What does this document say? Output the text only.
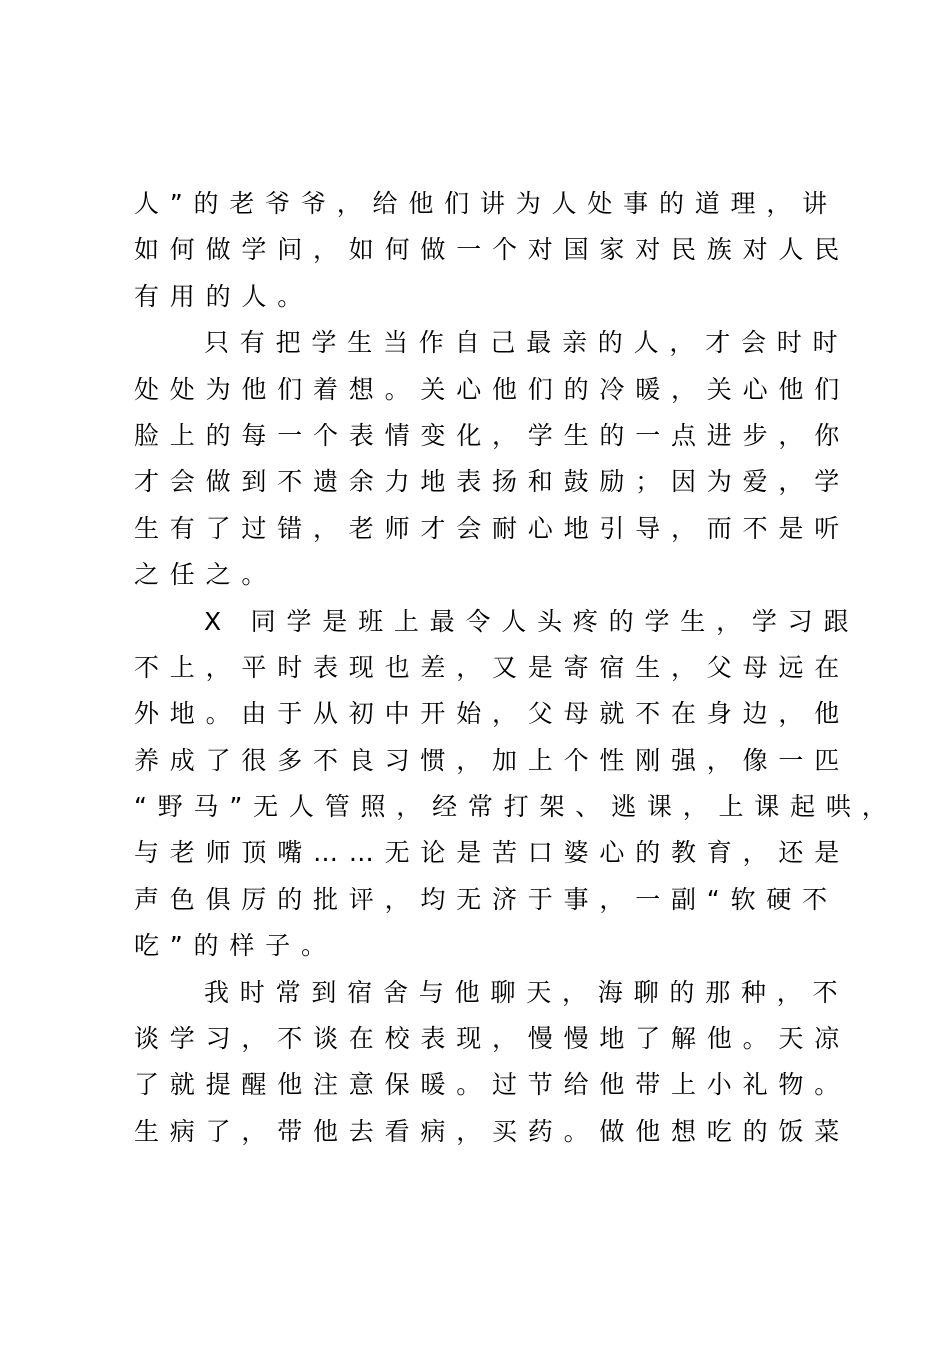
人”的老爷爷，给他们讲为人处事的道理，讲
如何做学问，如何做一个对国家对民族对人民
有用的人。
只有把学生当作自己最亲的人，才会时时
处处为他们着想。关心他们的冷暖，关心他们
脸上的每一个表情变化，学生的一点进步，你
才会做到不遗余力地表扬和鼓励；因为爱，学
生有了过错，老师才会耐心地引导，而不是听
之任之。
X 同学是班上最令人头疼的学生，学习跟
不上，平时表现也差，又是寄宿生，父母远在
外地。由于从初中开始，父母就不在身边，他
养成了很多不良习惯，加上个性刚强，像一匹
“野马”无人管照，经常打架、逃课，上课起哄，
与老师顶嘴……无论是苦口婆心的教育，还是
声色俱厉的批评，均无济于事，一副“软硬不
吃”的样子。
我时常到宿舍与他聊天，海聊的那种，不
谈学习，不谈在校表现，慢慢地了解他。天凉
了就提醒他注意保暖。过节给他带上小礼物。
生病了，带他去看病，买药。做他想吃的饭菜
